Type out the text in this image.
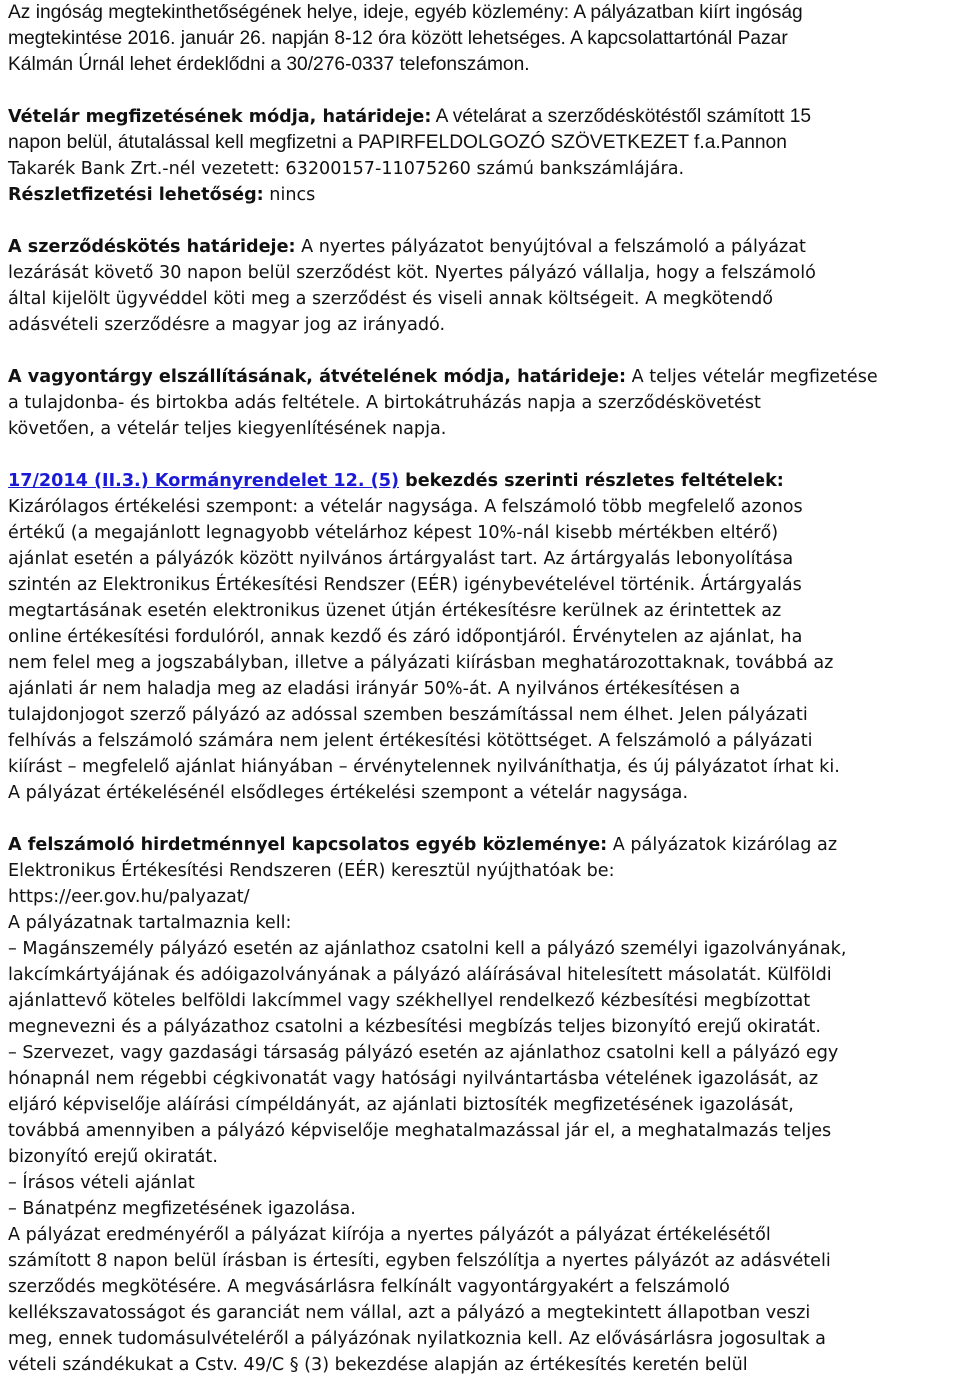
Az ingóság megtekinthetőségének helye, ideje, egyéb közlemény: A pályázatban kiírt ingóság
megtekintése 2016. január 26. napján 8-12 óra között lehetséges. A kapcsolattartónál Pazar
Kálmán Úrnál lehet érdeklődni a 30/276-0337 telefonszámon.
Vételár megfizetésének módja, határideje: A vételárat a szerződéskötéstől számított 15
napon belül, átutalással kell megfizetni a PAPIRFELDOLGOZÓ SZÖVETKEZET f.a.Pannon
Takarék Bank Zrt.-nél vezetett: 63200157-11075260 számú bankszámlájára.
Részletfizetési lehetőség: nincs
A szerződéskötés határideje: A nyertes pályázatot benyújtóval a felszámoló a pályázat
lezárását követő 30 napon belül szerződést köt. Nyertes pályázó vállalja, hogy a felszámoló
által kijelölt ügyvéddel köti meg a szerződést és viseli annak költségeit. A megkötendő
adásvételi szerződésre a magyar jog az irányadó.
A vagyontárgy elszállításának, átvételének módja, határideje: A teljes vételár megfizetése
a tulajdonba- és birtokba adás feltétele. A birtokátruházás napja a szerződéskövetést
követően, a vételár teljes kiegyenlítésének napja.
17/2014 (II.3.) Kormányrendelet 12. (5) bekezdés szerinti részletes feltételek:
Kizárólagos értékelési szempont: a vételár nagysága. A felszámoló több megfelelő azonos
értékű (a megajánlott legnagyobb vételárhoz képest 10%-nál kisebb mértékben eltérő)
ajánlat esetén a pályázók között nyilvános ártárgyalást tart. Az ártárgyalás lebonyolítása
szintén az Elektronikus Értékesítési Rendszer (EÉR) igénybevételével történik. Ártárgyalás
megtartásának esetén elektronikus üzenet útján értékesítésre kerülnek az érintettek az
online értékesítési fordulóról, annak kezdő és záró időpontjáról. Érvénytelen az ajánlat, ha
nem felel meg a jogszabályban, illetve a pályázati kiírásban meghatározottaknak, továbbá az
ajánlati ár nem haladja meg az eladási irányár 50%-át. A nyilvános értékesítésen a
tulajdonjogot szerző pályázó az adóssal szemben beszámítással nem élhet. Jelen pályázati
felhívás a felszámoló számára nem jelent értékesítési kötöttséget. A felszámoló a pályázati
kiírást – megfelelő ajánlat hiányában – érvénytelennek nyilváníthatja, és új pályázatot írhat ki.
A pályázat értékelésénél elsődleges értékelési szempont a vételár nagysága.
A felszámoló hirdetménnyel kapcsolatos egyéb közleménye: A pályázatok kizárólag az
Elektronikus Értékesítési Rendszeren (EÉR) keresztül nyújthatóak be:
https://eer.gov.hu/palyazat/
A pályázatnak tartalmaznia kell:
– Magánszemély pályázó esetén az ajánlathoz csatolni kell a pályázó személyi igazolványának,
lakcímkártyájának és adóigazolványának a pályázó aláírásával hitelesített másolatát. Külföldi
ajánlattevő köteles belföldi lakcímmel vagy székhellyel rendelkező kézbesítési megbízottat
megnevezni és a pályázathoz csatolni a kézbesítési megbízás teljes bizonyító erejű okiratát.
– Szervezet, vagy gazdasági társaság pályázó esetén az ajánlathoz csatolni kell a pályázó egy
hónapnál nem régebbi cégkivonatát vagy hatósági nyilvántartásba vételének igazolását, az
eljáró képviselője aláírási címpéldányát, az ajánlati biztosíték megfizetésének igazolását,
továbbá amennyiben a pályázó képviselője meghatalmazással jár el, a meghatalmazás teljes
bizonyító erejű okiratát.
– Írásos vételi ajánlat
– Bánatpénz megfizetésének igazolása.
A pályázat eredményéről a pályázat kiírója a nyertes pályázót a pályázat értékelésétől
számított 8 napon belül írásban is értesíti, egyben felszólítja a nyertes pályázót az adásvételi
szerződés megkötésére. A megvásárlásra felkínált vagyontárgyakért a felszámoló
kellékszavatosságot és garanciát nem vállal, azt a pályázó a megtekintett állapotban veszi
meg, ennek tudomásulvételéről a pályázónak nyilatkoznia kell. Az elővásárlásra jogosultak a
vételi szándékukat a Cstv. 49/C § (3) bekezdése alapján az értékesítés keretén belül
